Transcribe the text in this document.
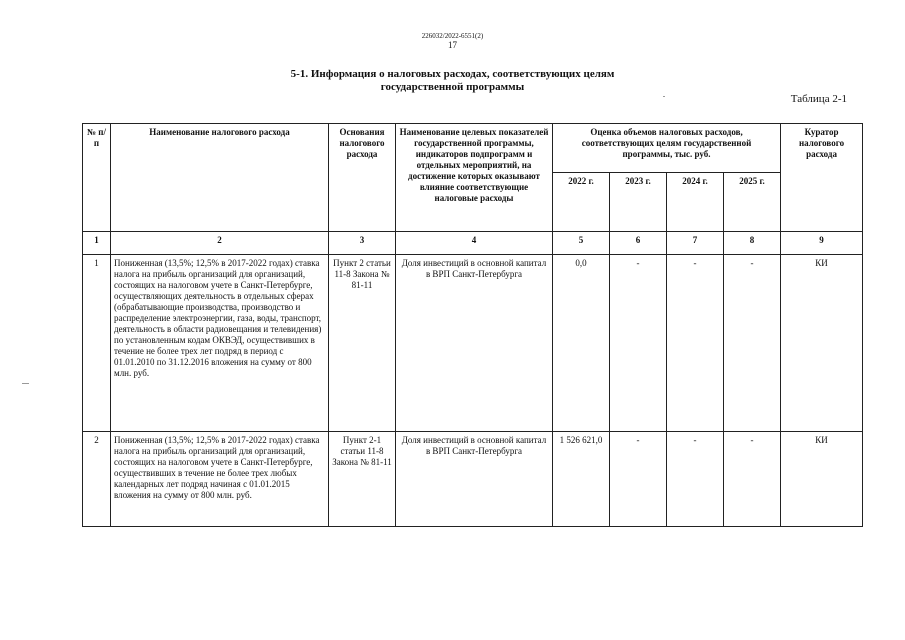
226032/2022-6551(2)
17
5-1. Информация о налоговых расходах, соответствующих целям
государственной программы
Таблица 2-1
№ п/п	Наименование налогового расхода	Основания налогового расхода	Наименование целевых показателей государственной программы, индикаторов подпрограмм и отдельных мероприятий, на достижение которых оказывают влияние соответствующие налоговые расходы	Оценка объемов налоговых расходов, соответствующих целям государственной программы, тыс. руб.				Куратор налогового расхода
				2022 г.	2023 г.	2024 г.	2025 г.	
1	2	3	4	5	6	7	8	9
1	Пониженная (13,5%; 12,5% в 2017-2022 годах) ставка налога на прибыль организаций для организаций, состоящих на налоговом учете в Санкт-Петербурге, осуществляющих деятельность в отдельных сферах (обрабатывающие производства, производство и распределение электроэнергии, газа, воды, транспорт, деятельность в области радиовещания и телевидения) по установленным кодам ОКВЭД, осуществивших в течение не более трех лет подряд в период с 01.01.2010 по 31.12.2016 вложения на сумму от 800 млн. руб.	Пункт 2 статьи 11-8 Закона № 81-11	Доля инвестиций в основной капитал в ВРП Санкт-Петербурга	0,0	-	-	-	КИ
2	Пониженная (13,5%; 12,5% в 2017-2022 годах) ставка налога на прибыль организаций для организаций, состоящих на налоговом учете в Санкт-Петербурге, осуществивших в течение не более трех любых календарных лет подряд начиная с 01.01.2015 вложения на сумму от 800 млн. руб.	Пункт 2-1 статьи 11-8 Закона № 81-11	Доля инвестиций в основной капитал в ВРП Санкт-Петербурга	1 526 621,0	-	-	-	КИ
